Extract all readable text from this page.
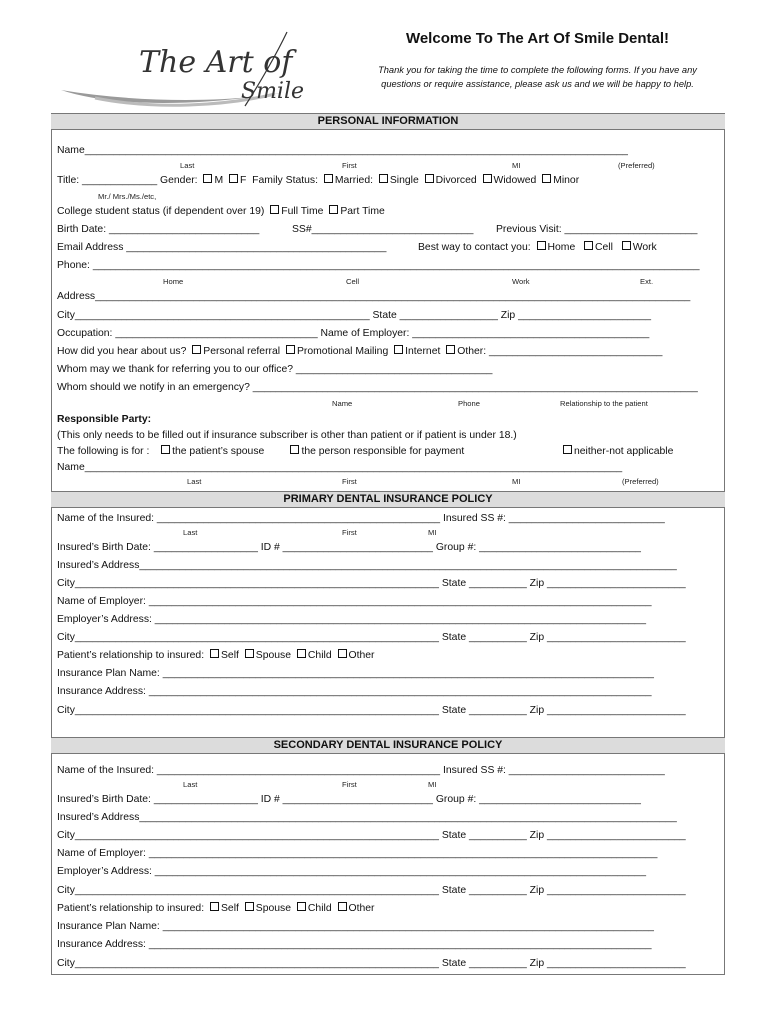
The Art of
Smile
Welcome To The Art Of Smile Dental!
Thank you for taking the time to complete the following forms. If you have any
questions or require assistance, please ask us and we will be happy to help.
PERSONAL INFORMATION
Name______________________________________________________________________________________________
Last	First	MI	(Preferred)
Title: _____________ Gender: M F Family Status: Married: Single Divorced Widowed Minor
Mr./ Mrs./Ms./etc,
College student status (if dependent over 19) Full Time Part Time
Birth Date: __________________________	SS#____________________________ Previous Visit: _______________________
Email Address _____________________________________________	Best way to contact you: Home Cell Work
Phone: _________________________________________________________________________________________________________
Home	Cell	Work	Ext.
Address_______________________________________________________________________________________________________
City___________________________________________________ State _________________ Zip _______________________
Occupation: ___________________________________ Name of Employer: _________________________________________
How did you hear about us? Personal referral Promotional Mailing Internet Other: ______________________________
Whom may we thank for referring you to our office? __________________________________
Whom should we notify in an emergency? _____________________________________________________________________________
Name	Phone	Relationship to the patient
Responsible Party:
(This only needs to be filled out if insurance subscriber is other than patient or if patient is under 18.)
The following is for :   the patient’s spouse	the person responsible for payment	neither-not applicable
Name_____________________________________________________________________________________________
Last	First	MI	(Preferred)
PRIMARY DENTAL INSURANCE POLICY
Name of the Insured: _________________________________________________ Insured SS #: ___________________________
Last	First	MI
Insured’s Birth Date: __________________ ID # __________________________ Group #: ____________________________
Insured’s Address_____________________________________________________________________________________________
City_______________________________________________________________ State __________ Zip ________________________
Name of Employer: _______________________________________________________________________________________
Employer’s Address: _____________________________________________________________________________________
City_______________________________________________________________ State __________ Zip ________________________
Patient’s relationship to insured: Self Spouse Child Other
Insurance Plan Name: _____________________________________________________________________________________
Insurance Address: _______________________________________________________________________________________
City_______________________________________________________________ State __________ Zip ________________________
SECONDARY DENTAL INSURANCE POLICY
Name of the Insured: _________________________________________________ Insured SS #: ___________________________
Last	First	MI
Insured’s Birth Date: __________________ ID # __________________________ Group #: ____________________________
Insured’s Address_____________________________________________________________________________________________
City_______________________________________________________________ State __________ Zip ________________________
Name of Employer: ________________________________________________________________________________________
Employer’s Address: _____________________________________________________________________________________
City_______________________________________________________________ State __________ Zip ________________________
Patient’s relationship to insured: Self Spouse Child Other
Insurance Plan Name: _____________________________________________________________________________________
Insurance Address: _______________________________________________________________________________________
City_______________________________________________________________ State __________ Zip ________________________
